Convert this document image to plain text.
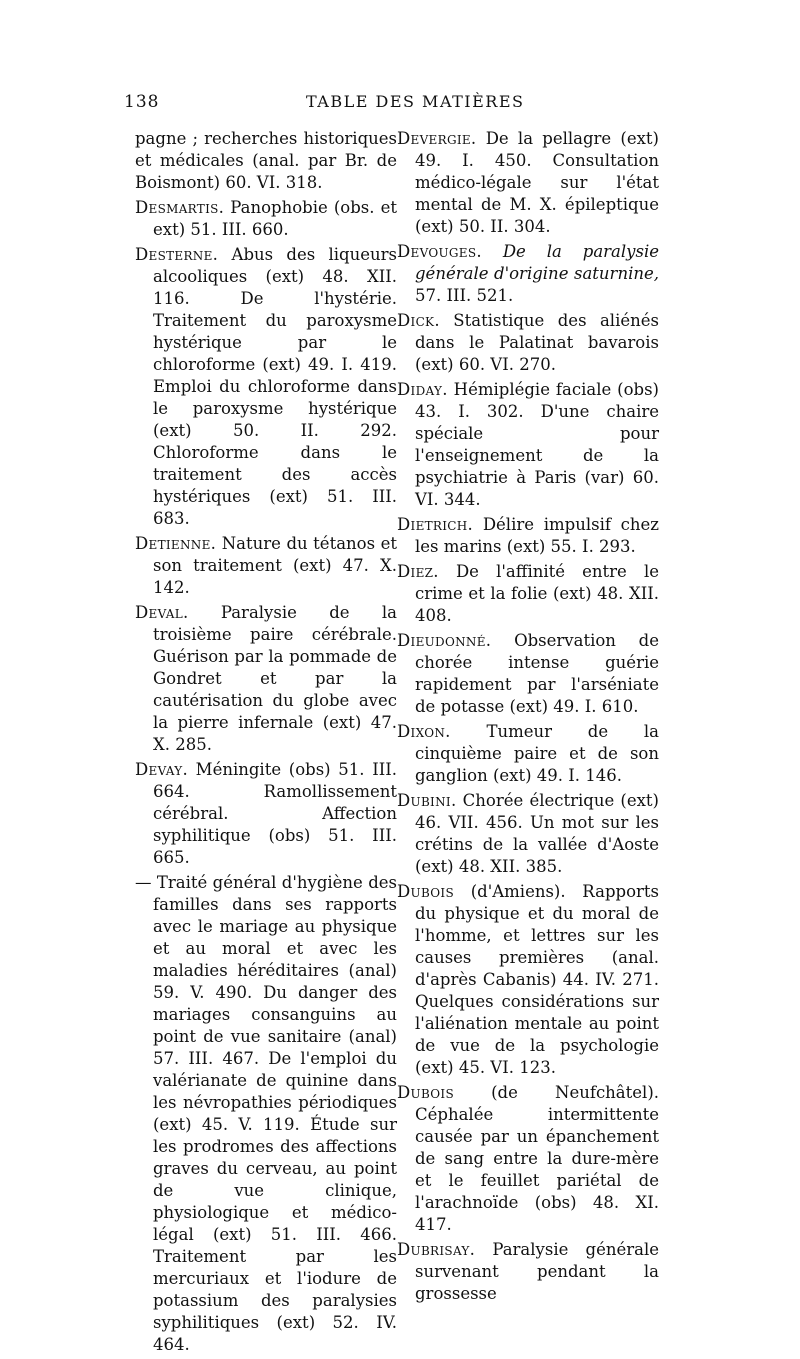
138	TABLE DES MATIÈRES

pagne ; recherches historiques et médicales (anal. par Br. de Boismont) 60. VI. 318.

Desmartis. Panophobie (obs. et ext) 51. III. 660.

Desterne. Abus des liqueurs alcooliques (ext) 48. XII. 116. De l'hystérie. Traitement du paroxysme hystérique par le chloroforme (ext) 49. I. 419. Emploi du chloroforme dans le paroxysme hystérique (ext) 50. II. 292. Chloroforme dans le traitement des accès hystériques (ext) 51. III. 683.

Detienne. Nature du tétanos et son traitement (ext) 47. X. 142.

Deval. Paralysie de la troisième paire cérébrale. Guérison par la pommade de Gondret et par la cautérisation du globe avec la pierre infernale (ext) 47. X. 285.

Devay. Méningite (obs) 51. III. 664. Ramollissement cérébral. Affection syphilitique (obs) 51. III. 665.

— Traité général d'hygiène des familles dans ses rapports avec le mariage au physique et au moral et avec les maladies héréditaires (anal) 59. V. 490. Du danger des mariages consanguins au point de vue sanitaire (anal) 57. III. 467. De l'emploi du valérianate de quinine dans les névropathies périodiques (ext) 45. V. 119. Étude sur les prodromes des affections graves du cerveau, au point de vue clinique, physiologique et médico-légal (ext) 51. III. 466. Traitement par les mercuriaux et l'iodure de potassium des paralysies syphilitiques (ext) 52. IV. 464.

Devergie. De la pellagre (ext) 49. I. 450. Consultation médico-légale sur l'état mental de M. X. épileptique (ext) 50. II. 304.

Devouges. De la paralysie générale d'origine saturnine, 57. III. 521.

Dick. Statistique des aliénés dans le Palatinat bavarois (ext) 60. VI. 270.

Diday. Hémiplégie faciale (obs) 43. I. 302. D'une chaire spéciale pour l'enseignement de la psychiatrie à Paris (var) 60. VI. 344.

Dietrich. Délire impulsif chez les marins (ext) 55. I. 293.

Diez. De l'affinité entre le crime et la folie (ext) 48. XII. 408.

Dieudonné. Observation de chorée intense guérie rapidement par l'arséniate de potasse (ext) 49. I. 610.

Dixon. Tumeur de la cinquième paire et de son ganglion (ext) 49. I. 146.

Dubini. Chorée électrique (ext) 46. VII. 456. Un mot sur les crétins de la vallée d'Aoste (ext) 48. XII. 385.

Dubois (d'Amiens). Rapports du physique et du moral de l'homme, et lettres sur les causes premières (anal. d'après Cabanis) 44. IV. 271. Quelques considérations sur l'aliénation mentale au point de vue de la psychologie (ext) 45. VI. 123.

Dubois (de Neufchâtel). Céphalée intermittente causée par un épanchement de sang entre la dure-mère et le feuillet pariétal de l'arachnoïde (obs) 48. XI. 417.

Dubrisay. Paralysie générale survenant pendant la grossesse
